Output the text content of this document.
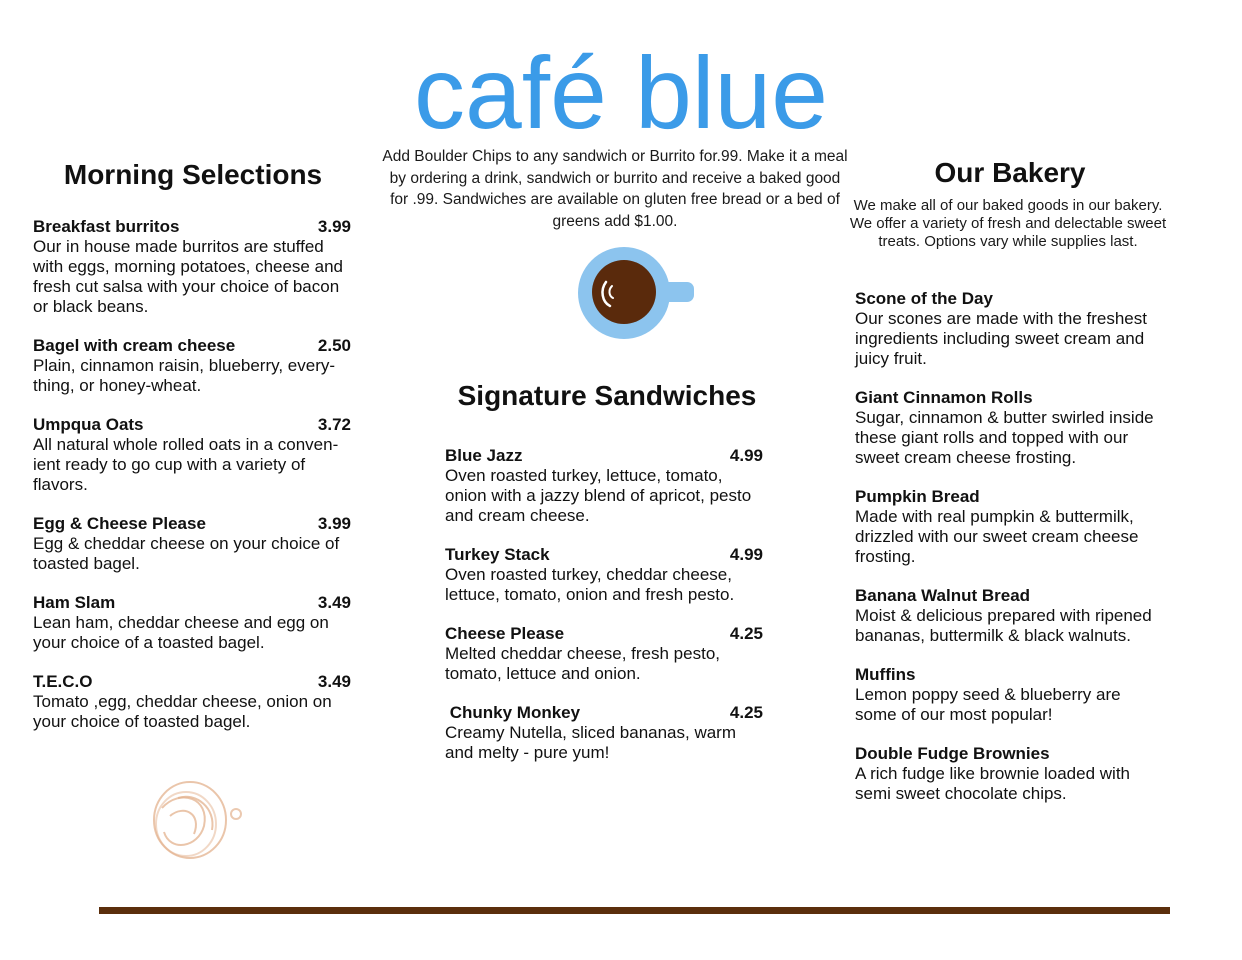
café blue
Add Boulder Chips to any sandwich or Burrito for.99. Make it a meal by ordering a drink, sandwich or burrito and receive a baked good for .99. Sandwiches are available on gluten free bread or a bed of greens add $1.00.
Morning Selections
Breakfast burritos	3.99
Our in house made burritos are stuffed with eggs, morning potatoes, cheese and fresh cut salsa with your choice of bacon or black beans.
Bagel with cream cheese	2.50
Plain, cinnamon raisin, blueberry, every-thing, or honey-wheat.
Umpqua Oats	3.72
All natural whole rolled oats in a conven-ient ready to go cup with a variety of flavors.
Egg & Cheese Please	3.99
Egg & cheddar cheese on your choice of toasted bagel.
Ham Slam	3.49
Lean ham, cheddar cheese and egg on your choice of a toasted bagel.
T.E.C.O	3.49
Tomato ,egg, cheddar cheese, onion on your choice of toasted bagel.
Signature Sandwiches
Blue Jazz	4.99
Oven roasted turkey, lettuce, tomato, onion with a jazzy blend of apricot, pesto and cream cheese.
Turkey Stack	4.99
Oven roasted turkey, cheddar cheese, lettuce, tomato, onion and fresh pesto.
Cheese Please	4.25
Melted cheddar cheese, fresh pesto, tomato, lettuce and onion.
Chunky Monkey	4.25
Creamy Nutella, sliced bananas, warm and melty - pure yum!
Our Bakery
We make all of our baked goods in our bakery. We offer a variety of fresh and delectable sweet treats. Options vary while supplies last.
Scone of the Day
Our scones are made with the freshest ingredients including sweet cream and juicy fruit.
Giant Cinnamon Rolls
Sugar, cinnamon & butter swirled inside these giant rolls and topped with our sweet cream cheese frosting.
Pumpkin Bread
Made with real pumpkin & buttermilk, drizzled with our sweet cream cheese frosting.
Banana Walnut Bread
Moist & delicious prepared with ripened bananas, buttermilk & black walnuts.
Muffins
Lemon poppy seed & blueberry are some of our most popular!
Double Fudge Brownies
A rich fudge like brownie loaded with semi sweet chocolate chips.
